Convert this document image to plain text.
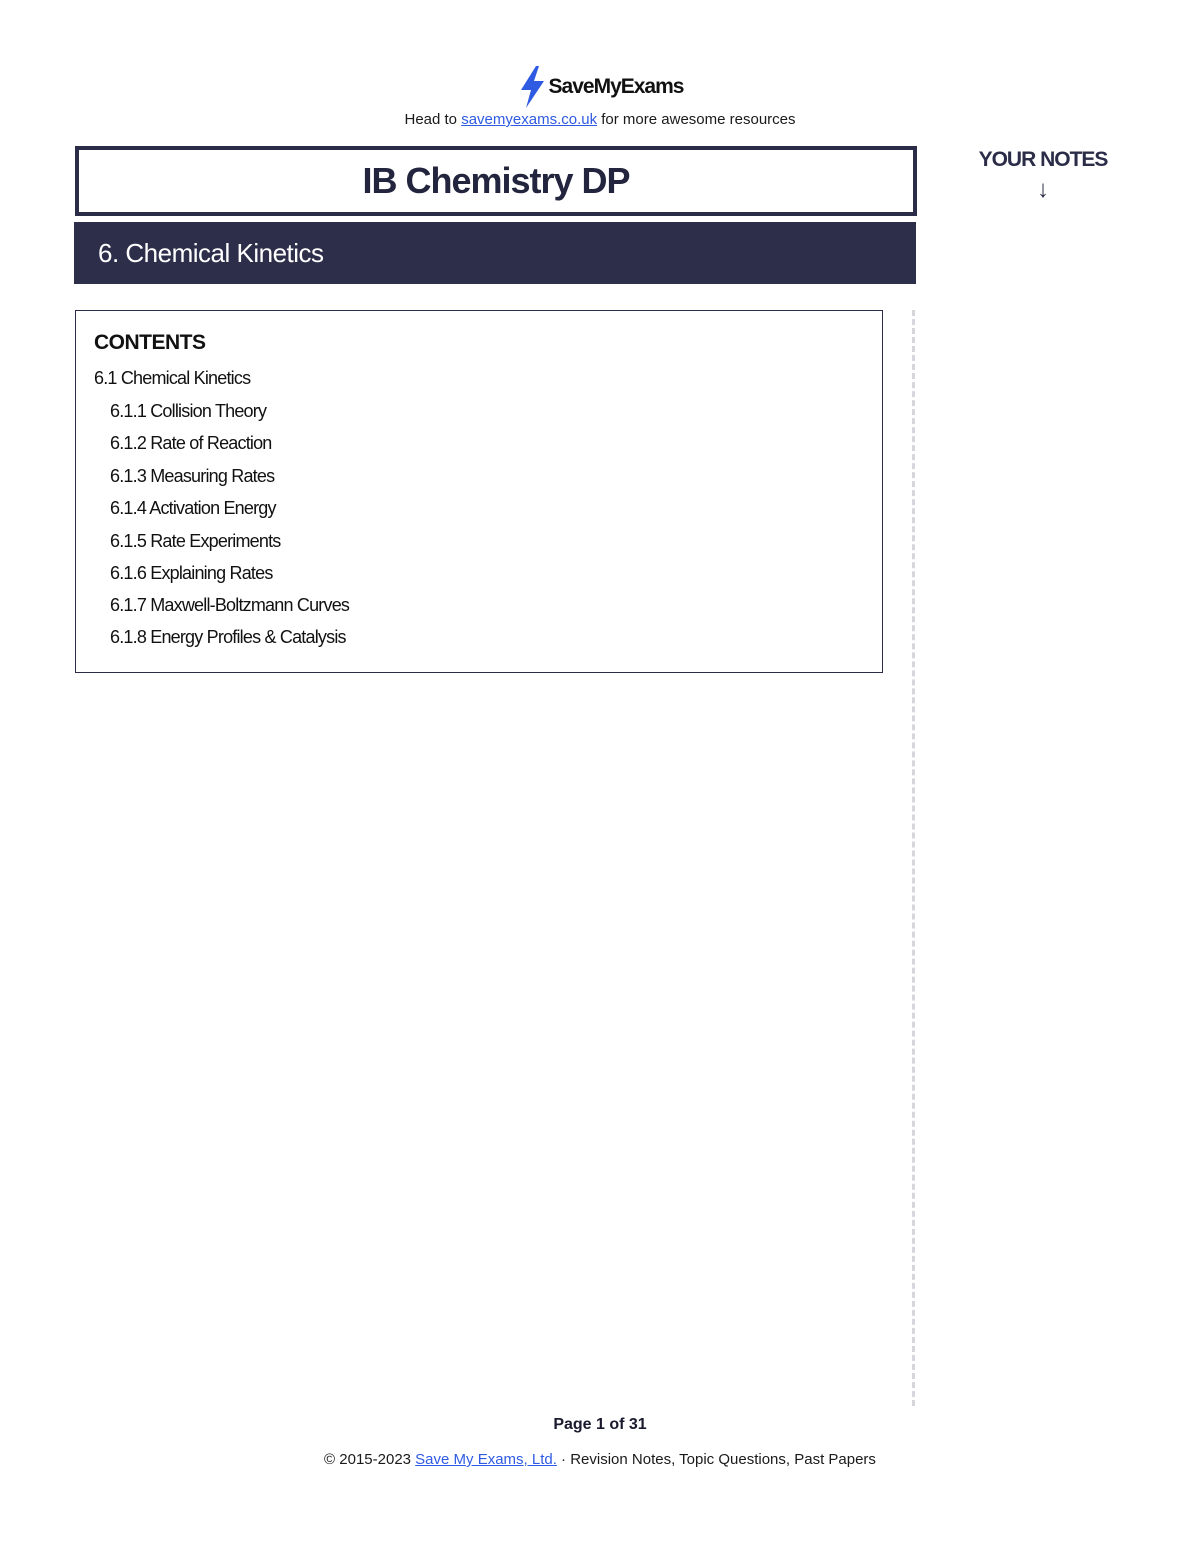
SaveMyExams
Head to savemyexams.co.uk for more awesome resources
IB Chemistry DP
6. Chemical Kinetics
YOUR NOTES
↓
CONTENTS
6.1 Chemical Kinetics
6.1.1 Collision Theory
6.1.2 Rate of Reaction
6.1.3 Measuring Rates
6.1.4 Activation Energy
6.1.5 Rate Experiments
6.1.6 Explaining Rates
6.1.7 Maxwell-Boltzmann Curves
6.1.8 Energy Profiles & Catalysis
Page 1 of 31
© 2015-2023 Save My Exams, Ltd. · Revision Notes, Topic Questions, Past Papers
